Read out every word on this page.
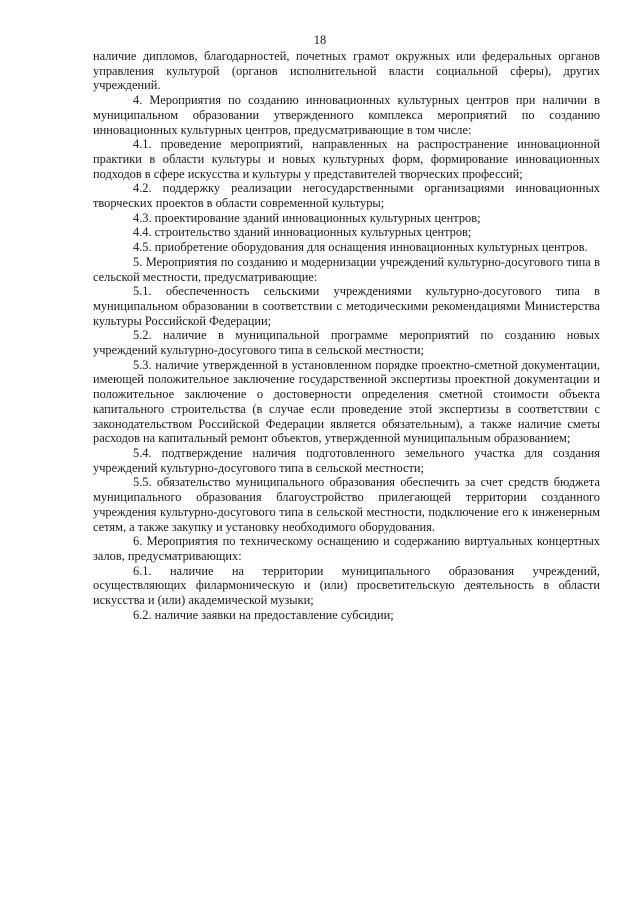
18

наличие дипломов, благодарностей, почетных грамот окружных или федеральных органов управления культурой (органов исполнительной власти социальной сферы), других учреждений.

4. Мероприятия по созданию инновационных культурных центров при наличии в муниципальном образовании утвержденного комплекса мероприятий по созданию инновационных культурных центров, предусматривающие в том числе:

4.1. проведение мероприятий, направленных на распространение инновационной практики в области культуры и новых культурных форм, формирование инновационных подходов в сфере искусства и культуры у представителей творческих профессий;

4.2. поддержку реализации негосударственными организациями инновационных творческих проектов в области современной культуры;

4.3. проектирование зданий инновационных культурных центров;

4.4. строительство зданий инновационных культурных центров;

4.5. приобретение оборудования для оснащения инновационных культурных центров.

5. Мероприятия по созданию и модернизации учреждений культурно-досугового типа в сельской местности, предусматривающие:

5.1. обеспеченность сельскими учреждениями культурно-досугового типа в муниципальном образовании в соответствии с методическими рекомендациями Министерства культуры Российской Федерации;

5.2. наличие в муниципальной программе мероприятий по созданию новых учреждений культурно-досугового типа в сельской местности;

5.3. наличие утвержденной в установленном порядке проектно-сметной документации, имеющей положительное заключение государственной экспертизы проектной документации и положительное заключение о достоверности определения сметной стоимости объекта капитального строительства (в случае если проведение этой экспертизы в соответствии с законодательством Российской Федерации является обязательным), а также наличие сметы расходов на капитальный ремонт объектов, утвержденной муниципальным образованием;

5.4. подтверждение наличия подготовленного земельного участка для создания учреждений культурно-досугового типа в сельской местности;

5.5. обязательство муниципального образования обеспечить за счет средств бюджета муниципального образования благоустройство прилегающей территории созданного учреждения культурно-досугового типа в сельской местности, подключение его к инженерным сетям, а также закупку и установку необходимого оборудования.

6. Мероприятия по техническому оснащению и содержанию виртуальных концертных залов, предусматривающих:

6.1. наличие на территории муниципального образования учреждений, осуществляющих филармоническую и (или) просветительскую деятельность в области искусства и (или) академической музыки;

6.2. наличие заявки на предоставление субсидии;
